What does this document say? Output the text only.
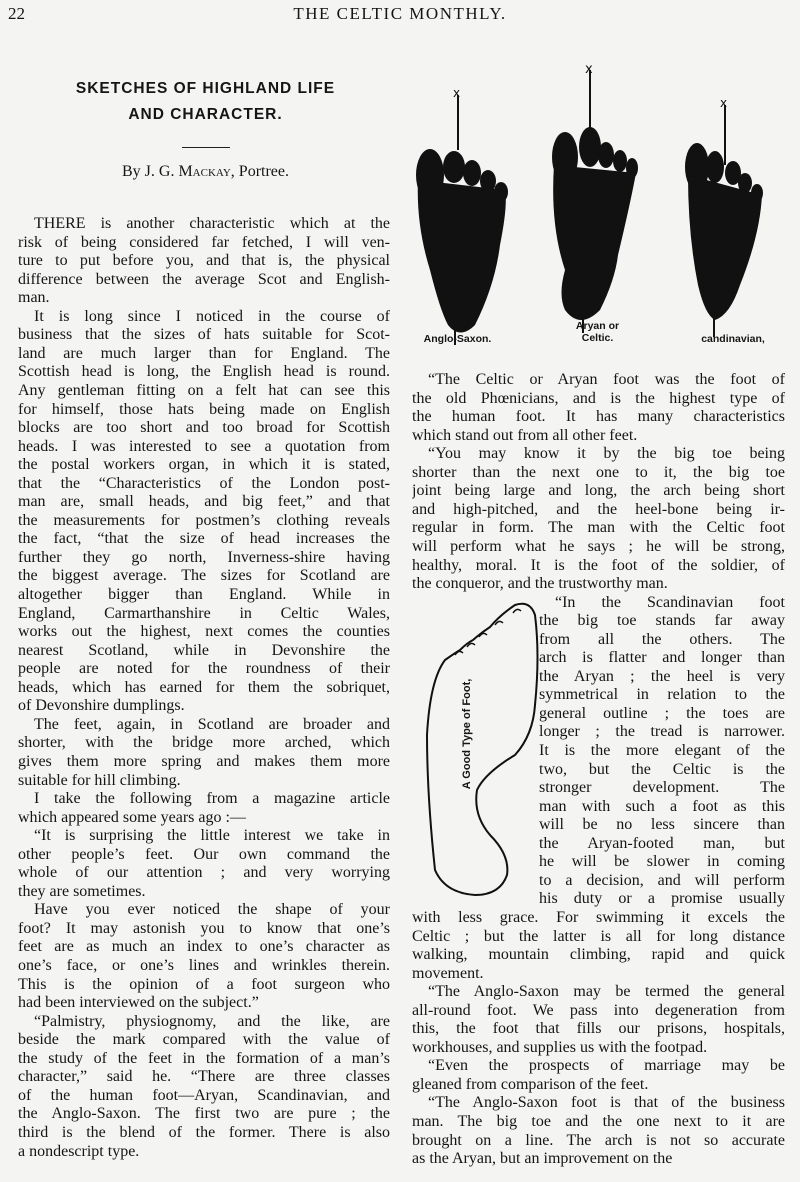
22	THE CELTIC MONTHLY.
SKETCHES OF HIGHLAND LIFE
AND CHARACTER.
By J. G. Mackay, Portree.
x
x
x
Anglo-Saxon.
Aryan or
Celtic.	candinavian,
A Good Type of Foot,
THERE is another characteristic which at the
risk of being considered far fetched, I will ven-
ture to put before you, and that is, the physical
difference between the average Scot and English-
man.
It is long since I noticed in the course of
business that the sizes of hats suitable for Scot-
land are much larger than for England. The
Scottish head is long, the English head is round.
Any gentleman fitting on a felt hat can see this
for himself, those hats being made on English
blocks are too short and too broad for Scottish
heads. I was interested to see a quotation from
the postal workers organ, in which it is stated,
that the “Characteristics of the London post-
man are, small heads, and big feet,” and that
the measurements for postmen’s clothing reveals
the fact, “that the size of head increases the
further they go north, Inverness-shire having
the biggest average. The sizes for Scotland are
altogether bigger than England. While in
England, Carmarthanshire in Celtic Wales,
works out the highest, next comes the counties
nearest Scotland, while in Devonshire the
people are noted for the roundness of their
heads, which has earned for them the sobriquet,
of Devonshire dumplings.
The feet, again, in Scotland are broader and
shorter, with the bridge more arched, which
gives them more spring and makes them more
suitable for hill climbing.
I take the following from a magazine article
which appeared some years ago :—
“It is surprising the little interest we take in
other people’s feet. Our own command the
whole of our attention ; and very worrying
they are sometimes.
Have you ever noticed the shape of your
foot? It may astonish you to know that one’s
feet are as much an index to one’s character as
one’s face, or one’s lines and wrinkles therein.
This is the opinion of a foot surgeon who
had been interviewed on the subject.”
“Palmistry, physiognomy, and the like, are
beside the mark compared with the value of
the study of the feet in the formation of a man’s
character,” said he. “There are three classes
of the human foot—Aryan, Scandinavian, and
the Anglo-Saxon. The first two are pure ; the
third is the blend of the former. There is also
a nondescript type.
“The Celtic or Aryan foot was the foot of
the old Phœnicians, and is the highest type of
the human foot. It has many characteristics
which stand out from all other feet.
“You may know it by the big toe being
shorter than the next one to it, the big toe
joint being large and long, the arch being short
and high-pitched, and the heel-bone being ir-
regular in form. The man with the Celtic foot
will perform what he says ; he will be strong,
healthy, moral. It is the foot of the soldier, of
the conqueror, and the trustworthy man.
“In the Scandinavian foot
the big toe stands far away
from all the others. The
arch is flatter and longer than
the Aryan ; the heel is very
symmetrical in relation to the
general outline ; the toes are
longer ; the tread is narrower.
It is the more elegant of the
two, but the Celtic is the
stronger development. The
man with such a foot as this
will be no less sincere than
the Aryan-footed man, but
he will be slower in coming
to a decision, and will perform
his duty or a promise usually
with less grace. For swimming it excels the
Celtic ; but the latter is all for long distance
walking, mountain climbing, rapid and quick
movement.
“The Anglo-Saxon may be termed the general
all-round foot. We pass into degeneration from
this, the foot that fills our prisons, hospitals,
workhouses, and supplies us with the footpad.
“Even the prospects of marriage may be
gleaned from comparison of the feet.
“The Anglo-Saxon foot is that of the business
man. The big toe and the one next to it are
brought on a line. The arch is not so accurate
as the Aryan, but an improvement on the
